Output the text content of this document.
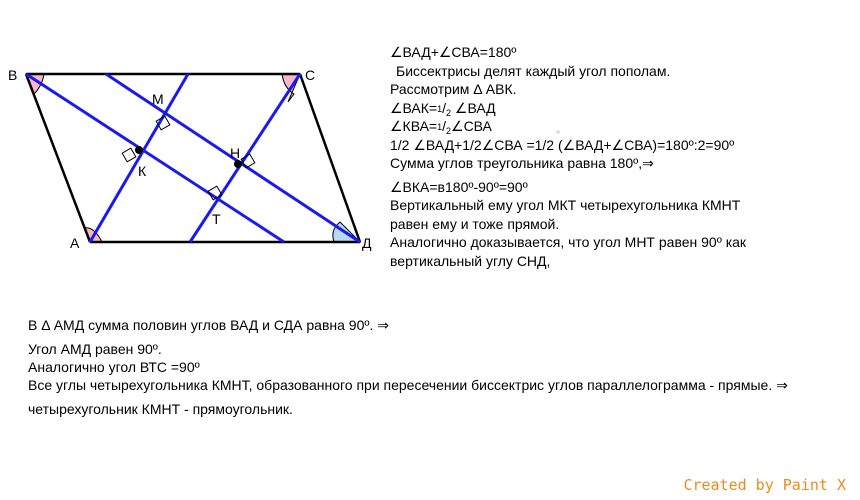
В	С
А	Д
М
К
Н
Т
∠ВАД+∠СВА=180º
Биссектрисы делят каждый угол пополам.
Рассмотрим Δ АВК.
$\angle ВАК=^1/_2$ ∠ВАД
$\angle КВА=^1/_2\angle СВА$
1/2 ∠ВАД+1/2∠СВА =1/2 (∠ВАД+∠СВА)=180º:2=90º
Сумма углов треугольника равна 180º,⇒
∠ВКА=в180º-90º=90º
Вертикальный ему угол МКТ четырехугольника КМНТ
равен ему и тоже прямой.
Аналогично доказывается, что угол МНТ равен 90º как
вертикальный углу СНД,
В Δ АМД сумма половин углов ВАД и СДА равна 90º. ⇒
Угол АМД равен 90º.
Аналогично угол ВТС =90º
Все углы четырехугольника КМНТ, образованного при пересечении биссектрис углов параллелограмма - прямые. ⇒
четырехугольник КМНТ - прямоугольник.
Created by Paint X
